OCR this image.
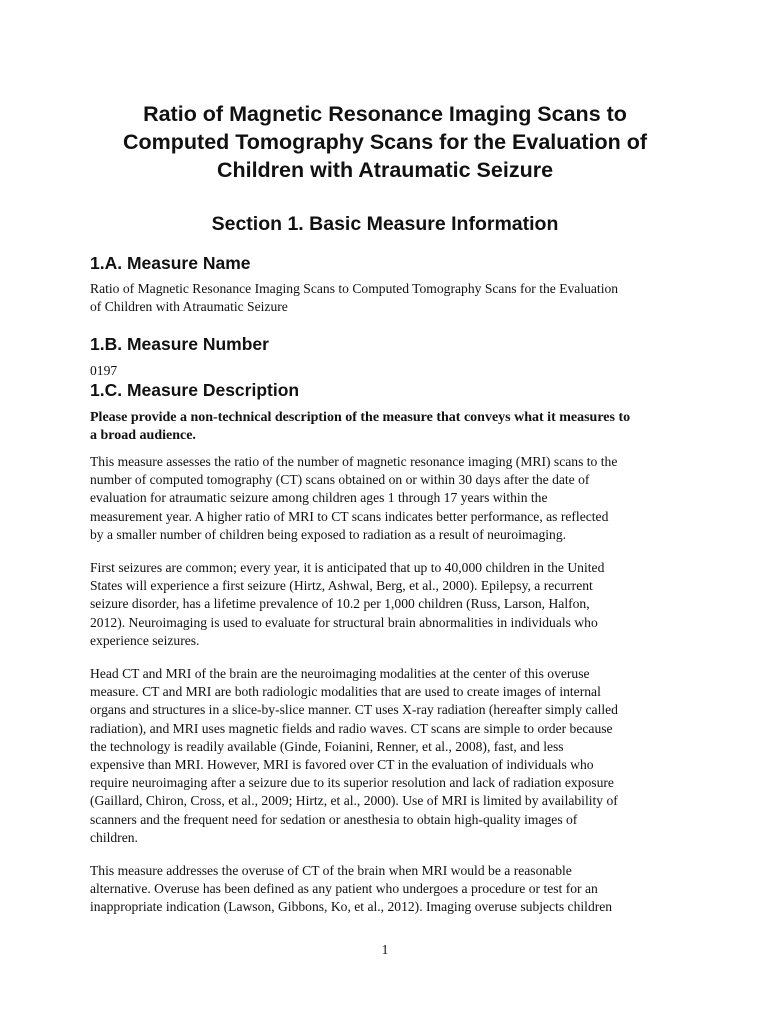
Ratio of Magnetic Resonance Imaging Scans to
Computed Tomography Scans for the Evaluation of
Children with Atraumatic Seizure
Section 1. Basic Measure Information
1.A. Measure Name
Ratio of Magnetic Resonance Imaging Scans to Computed Tomography Scans for the Evaluation
of Children with Atraumatic Seizure
1.B. Measure Number
0197
1.C. Measure Description
Please provide a non-technical description of the measure that conveys what it measures to
a broad audience.
This measure assesses the ratio of the number of magnetic resonance imaging (MRI) scans to the
number of computed tomography (CT) scans obtained on or within 30 days after the date of
evaluation for atraumatic seizure among children ages 1 through 17 years within the
measurement year. A higher ratio of MRI to CT scans indicates better performance, as reflected
by a smaller number of children being exposed to radiation as a result of neuroimaging.
First seizures are common; every year, it is anticipated that up to 40,000 children in the United
States will experience a first seizure (Hirtz, Ashwal, Berg, et al., 2000). Epilepsy, a recurrent
seizure disorder, has a lifetime prevalence of 10.2 per 1,000 children (Russ, Larson, Halfon,
2012). Neuroimaging is used to evaluate for structural brain abnormalities in individuals who
experience seizures.
Head CT and MRI of the brain are the neuroimaging modalities at the center of this overuse
measure. CT and MRI are both radiologic modalities that are used to create images of internal
organs and structures in a slice-by-slice manner. CT uses X-ray radiation (hereafter simply called
radiation), and MRI uses magnetic fields and radio waves. CT scans are simple to order because
the technology is readily available (Ginde, Foianini, Renner, et al., 2008), fast, and less
expensive than MRI. However, MRI is favored over CT in the evaluation of individuals who
require neuroimaging after a seizure due to its superior resolution and lack of radiation exposure
(Gaillard, Chiron, Cross, et al., 2009; Hirtz, et al., 2000). Use of MRI is limited by availability of
scanners and the frequent need for sedation or anesthesia to obtain high-quality images of
children.
This measure addresses the overuse of CT of the brain when MRI would be a reasonable
alternative. Overuse has been defined as any patient who undergoes a procedure or test for an
inappropriate indication (Lawson, Gibbons, Ko, et al., 2012). Imaging overuse subjects children
1
